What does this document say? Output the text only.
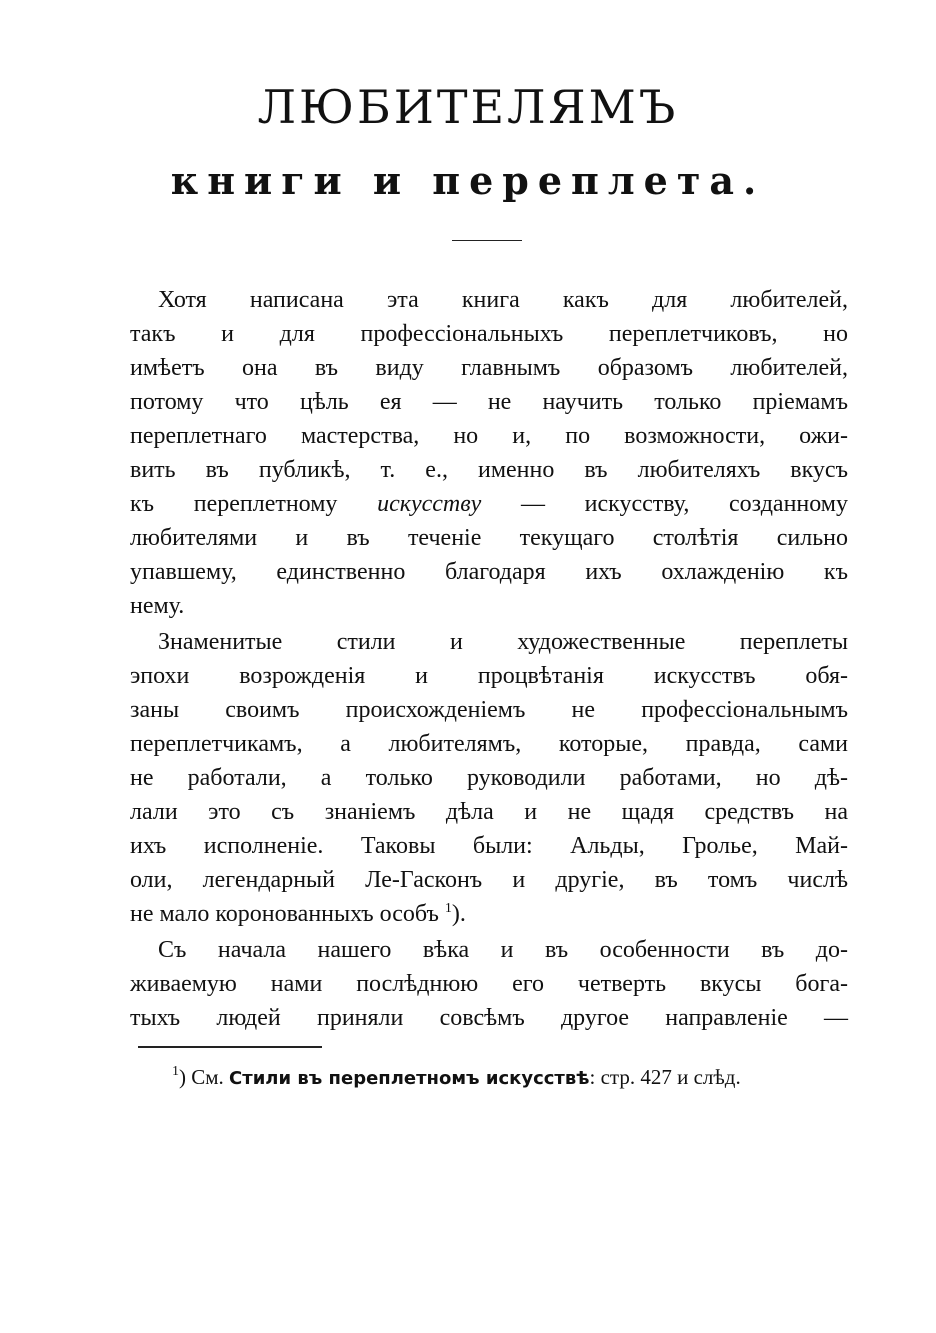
ЛЮБИТЕЛЯМЪ
книги и переплета.
Хотя написана эта книга какъ для любителей,
такъ и для профессіональныхъ переплетчиковъ, но
имѣетъ она въ виду главнымъ образомъ любителей,
потому что цѣль ея — не научить только пріемамъ
переплетнаго мастерства, но и, по возможности, ожи-
вить въ публикѣ, т. е., именно въ любителяхъ вкусъ
къ переплетному искусству — искусству, созданному
любителями и въ теченіе текущаго столѣтія сильно
упавшему, единственно благодаря ихъ охлажденію къ
нему.
Знаменитые стили и художественные переплеты
эпохи возрожденія и процвѣтанія искусствъ обя-
заны своимъ происхожденіемъ не профессіональнымъ
переплетчикамъ, а любителямъ, которые, правда, сами
не работали, а только руководили работами, но дѣ-
лали это съ знаніемъ дѣла и не щадя средствъ на
ихъ исполненіе. Таковы были: Альды, Гролье, Май-
оли, легендарный Ле-Гасконъ и другіе, въ томъ числѣ
не мало коронованныхъ особъ $^1$).
Съ начала нашего вѣка и въ особенности въ до-
живаемую нами послѣднюю его четверть вкусы бога-
тыхъ людей приняли совсѣмъ другое направленіе —
$^1$) См. Стили въ переплетномъ искусствѣ: стр. 427 и слѣд.
